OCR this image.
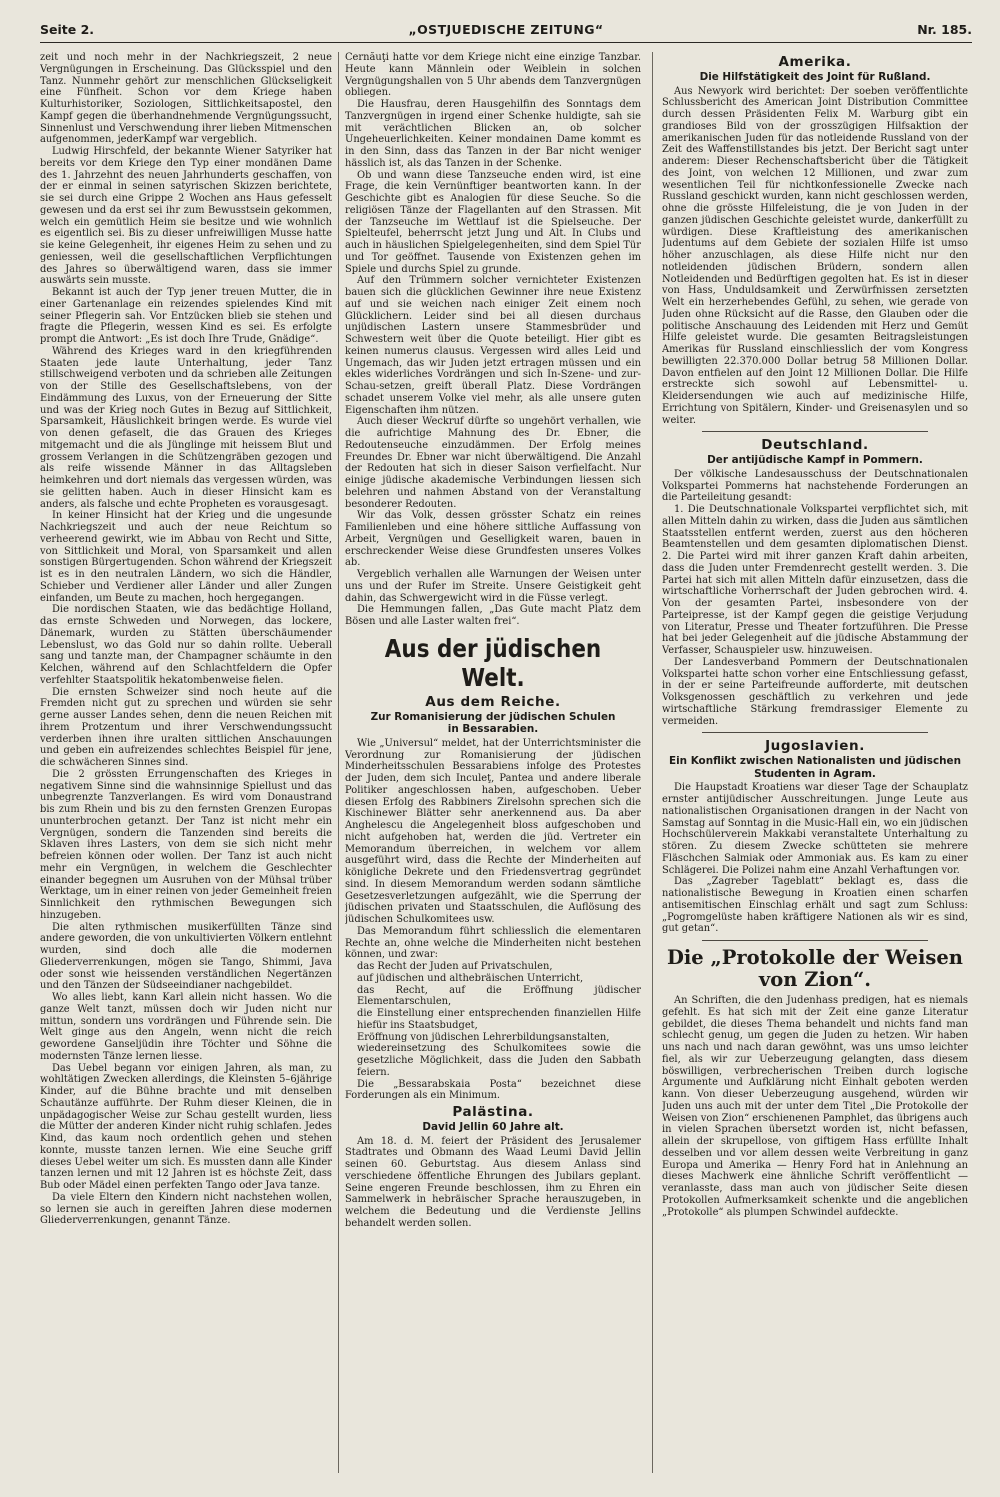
Seite 2.	„OSTJUEDISCHE ZEITUNG“	Nr. 185.

zeit und noch mehr in der Nachkriegszeit, 2 neue Vergnügungen in Erscheinung. Das Glücksspiel und den Tanz. Nunmehr gehört zur menschlichen Glückseligkeit eine Fünfheit. Schon vor dem Kriege haben Kulturhistoriker, Soziologen, Sittlichkeitsapostel, den Kampf gegen die überhandnehmende Vergnügungssucht, Sinnenlust und Verschwendung ihrer lieben Mitmenschen aufgenommen, jederKampf war vergeblich.

Ludwig Hirschfeld, der bekannte Wiener Satyriker hat bereits vor dem Kriege den Typ einer mondänen Dame des 1. Jahrzehnt des neuen Jahrhunderts geschaffen, von der er einmal in seinen satyrischen Skizzen berichtete, sie sei durch eine Grippe 2 Wochen ans Haus gefesselt gewesen und da erst sei ihr zum Bewusstsein gekommen, welch ein gemütlich Heim sie besitze und wie wohnlich es eigentlich sei. Bis zu dieser unfreiwilligen Musse hatte sie keine Gelegenheit, ihr eigenes Heim zu sehen und zu geniessen, weil die gesellschaftlichen Verpflichtungen des Jahres so überwältigend waren, dass sie immer auswärts sein musste.

Bekannt ist auch der Typ jener treuen Mutter, die in einer Gartenanlage ein reizendes spielendes Kind mit seiner Pflegerin sah. Vor Entzücken blieb sie stehen und fragte die Pflegerin, wessen Kind es sei. Es erfolgte prompt die Antwort: „Es ist doch Ihre Trude, Gnädige“.

Während des Krieges ward in den kriegführenden Staaten jede laute Unterhaltung, jeder Tanz stillschweigend verboten und da schrieben alle Zeitungen von der Stille des Gesellschaftslebens, von der Eindämmung des Luxus, von der Erneuerung der Sitte und was der Krieg noch Gutes in Bezug auf Sittlichkeit, Sparsamkeit, Häuslichkeit bringen werde. Es wurde viel von denen gefaselt, die das Grauen des Krieges mitgemacht und die als Jünglinge mit heissem Blut und grossem Verlangen in die Schützengräben gezogen und als reife wissende Männer in das Alltagsleben heimkehren und dort niemals das vergessen würden, was sie gelitten haben. Auch in dieser Hinsicht kam es anders, als falsche und echte Propheten es vorausgesagt.

In keiner Hinsicht hat der Krieg und die ungesunde Nachkriegszeit und auch der neue Reichtum so verheerend gewirkt, wie im Abbau von Recht und Sitte, von Sittlichkeit und Moral, von Sparsamkeit und allen sonstigen Bürgertugenden. Schon während der Kriegszeit ist es in den neutralen Ländern, wo sich die Händler, Schieber und Verdiener aller Länder und aller Zungen einfanden, um Beute zu machen, hoch hergegangen.

Die nordischen Staaten, wie das bedächtige Holland, das ernste Schweden und Norwegen, das lockere, Dänemark, wurden zu Stätten überschäumender Lebenslust, wo das Gold nur so dahin rollte. Ueberall sang und tanzte man, der Champagner schäumte in den Kelchen, während auf den Schlachtfeldern die Opfer verfehlter Staatspolitik hekatombenweise fielen.

Die ernsten Schweizer sind noch heute auf die Fremden nicht gut zu sprechen und würden sie sehr gerne ausser Landes sehen, denn die neuen Reichen mit ihrem Protzentum und ihrer Verschwendungssucht verderben ihnen ihre uralten sittlichen Anschauungen und geben ein aufreizendes schlechtes Beispiel für jene, die schwächeren Sinnes sind.

Die 2 grössten Errungenschaften des Krieges in negativem Sinne sind die wahnsinnige Spiellust und das unbegrenzte Tanzverlangen. Es wird vom Donaustrand bis zum Rhein und bis zu den fernsten Grenzen Europas ununterbrochen getanzt. Der Tanz ist nicht mehr ein Vergnügen, sondern die Tanzenden sind bereits die Sklaven ihres Lasters, von dem sie sich nicht mehr befreien können oder wollen. Der Tanz ist auch nicht mehr ein Vergnügen, in welchem die Geschlechter einander begegnen um Ausruhen von der Mühsal trüber Werktage, um in einer reinen von jeder Gemeinheit freien Sinnlichkeit den rythmischen Bewegungen sich hinzugeben.

Die alten rythmischen musikerfüllten Tänze sind andere geworden, die von unkultivierten Völkern entlehnt wurden, sind doch alle die modernen Gliederverrenkungen, mögen sie Tango, Shimmi, Java oder sonst wie heissenden verständlichen Negertänzen und den Tänzen der Südseeindianer nachgebildet.

Wo alles liebt, kann Karl allein nicht hassen. Wo die ganze Welt tanzt, müssen doch wir Juden nicht nur mittun, sondern uns vordrängen und Führende sein. Die Welt ginge aus den Angeln, wenn nicht die reich gewordene Ganseljüdin ihre Töchter und Söhne die modernsten Tänze lernen liesse.

Das Uebel begann vor einigen Jahren, als man, zu wohltätigen Zwecken allerdings, die Kleinsten 5–6jährige Kinder, auf die Bühne brachte und mit denselben Schautänze aufführte. Der Ruhm dieser Kleinen, die in unpädagogischer Weise zur Schau gestellt wurden, liess die Mütter der anderen Kinder nicht ruhig schlafen. Jedes Kind, das kaum noch ordentlich gehen und stehen konnte, musste tanzen lernen. Wie eine Seuche griff dieses Uebel weiter um sich. Es mussten dann alle Kinder tanzen lernen und mit 12 Jahren ist es höchste Zeit, dass Bub oder Mädel einen perfekten Tango oder Java tanze.

Da viele Eltern den Kindern nicht nachstehen wollen, so lernen sie auch in gereiften Jahren diese modernen Gliederverrenkungen, genannt Tänze.

Cernăuţi hatte vor dem Kriege nicht eine einzige Tanzbar. Heute kann Männlein oder Weiblein in solchen Vergnügungshallen von 5 Uhr abends dem Tanzvergnügen obliegen.

Die Hausfrau, deren Hausgehilfin des Sonntags dem Tanzvergnügen in irgend einer Schenke huldigte, sah sie mit verächtlichen Blicken an, ob solcher Ungeheuerlichkeiten. Keiner mondainen Dame kommt es in den Sinn, dass das Tanzen in der Bar nicht weniger hässlich ist, als das Tanzen in der Schenke.

Ob und wann diese Tanzseuche enden wird, ist eine Frage, die kein Vernünftiger beantworten kann. In der Geschichte gibt es Analogien für diese Seuche. So die religiösen Tänze der Flagellanten auf den Strassen. Mit der Tanzseuche im Wettlauf ist die Spielseuche. Der Spielteufel, beherrscht jetzt Jung und Alt. In Clubs und auch in häuslichen Spielgelegenheiten, sind dem Spiel Tür und Tor geöffnet. Tausende von Existenzen gehen im Spiele und durchs Spiel zu grunde.

Auf den Trümmern solcher vernichteter Existenzen bauen sich die glücklichen Gewinner ihre neue Existenz auf und sie weichen nach einiger Zeit einem noch Glücklichern. Leider sind bei all diesen durchaus unjüdischen Lastern unsere Stammesbrüder und Schwestern weit über die Quote beteiligt. Hier gibt es keinen numerus clausus. Vergessen wird alles Leid und Ungemach, das wir Juden jetzt ertragen müssen und ein ekles widerliches Vordrängen und sich In-Szene- und zur-Schau-setzen, greift überall Platz. Diese Vordrängen schadet unserem Volke viel mehr, als alle unsere guten Eigenschaften ihm nützen.

Auch dieser Weckruf dürfte so ungehört verhallen, wie die aufrichtige Mahnung des Dr. Ebner, die Redoutenseuche einzudämmen. Der Erfolg meines Freundes Dr. Ebner war nicht überwältigend. Die Anzahl der Redouten hat sich in dieser Saison verfielfacht. Nur einige jüdische akademische Verbindungen liessen sich belehren und nahmen Abstand von der Veranstaltung besonderer Redouten.

Wir das Volk, dessen grösster Schatz ein reines Familienleben und eine höhere sittliche Auffassung von Arbeit, Vergnügen und Geselligkeit waren, bauen in erschreckender Weise diese Grundfesten unseres Volkes ab.

Vergeblich verhallen alle Warnungen der Weisen unter uns und der Rufer im Streite. Unsere Geistigkeit geht dahin, das Schwergewicht wird in die Füsse verlegt.

Die Hemmungen fallen, „Das Gute macht Platz dem Bösen und alle Laster walten frei“.

Aus der jüdischen Welt.
Aus dem Reiche.
Zur Romanisierung der jüdischen Schulen
in Bessarabien.

Wie „Universul“ meldet, hat der Unterrichtsminister die Verordnung zur Romanisierung der jüdischen Minderheitsschulen Bessarabiens infolge des Protestes der Juden, dem sich Inculeţ, Pantea und andere liberale Politiker angeschlossen haben, aufgeschoben. Ueber diesen Erfolg des Rabbiners Zirelsohn sprechen sich die Kischinewer Blätter sehr anerkennend aus. Da aber Anghelescu die Angelegenheit bloss aufgeschoben und nicht aufgehoben hat, werden die jüd. Vertreter ein Memorandum überreichen, in welchem vor allem ausgeführt wird, dass die Rechte der Minderheiten auf königliche Dekrete und den Friedensvertrag gegründet sind. In diesem Memorandum werden sodann sämtliche Gesetzesverletzungen aufgezählt, wie die Sperrung der jüdischen privaten und Staatsschulen, die Auflösung des jüdischen Schulkomitees usw.

Das Memorandum führt schliesslich die elementaren Rechte an, ohne welche die Minderheiten nicht bestehen können, und zwar:

das Recht der Juden auf Privatschulen,

auf jüdischen und althebräischen Unterricht,

das Recht, auf die Eröffnung jüdischer Elementarschulen,

die Einstellung einer entsprechenden finanziellen Hilfe hiefür ins Staatsbudget,

Eröffnung von jüdischen Lehrerbildungsanstalten,

wiedereinsetzung des Schulkomitees sowie die gesetzliche Möglichkeit, dass die Juden den Sabbath feiern.

Die „Bessarabskaia Posta“ bezeichnet diese Forderungen als ein Minimum.

Palästina.
David Jellin 60 Jahre alt.

Am 18. d. M. feiert der Präsident des Jerusalemer Stadtrates und Obmann des Waad Leumi David Jellin seinen 60. Geburtstag. Aus diesem Anlass sind verschiedene öffentliche Ehrungen des Jubilars geplant. Seine engeren Freunde beschlossen, ihm zu Ehren ein Sammelwerk in hebräischer Sprache herauszugeben, in welchem die Bedeutung und die Verdienste Jellins behandelt werden sollen.

Amerika.
Die Hilfstätigkeit des Joint für Rußland.

Aus Newyork wird berichtet: Der soeben veröffentlichte Schlussbericht des American Joint Distribution Committee durch dessen Präsidenten Felix M. Warburg gibt ein grandioses Bild von der grosszügigen Hilfsaktion der amerikanischen Juden für das notleidende Russland von der Zeit des Waffenstillstandes bis jetzt. Der Bericht sagt unter anderem: Dieser Rechenschaftsbericht über die Tätigkeit des Joint, von welchen 12 Millionen, und zwar zum wesentlichen Teil für nichtkonfessionelle Zwecke nach Russland geschickt wurden, kann nicht geschlossen werden, ohne die grösste Hilfeleistung, die je von Juden in der ganzen jüdischen Geschichte geleistet wurde, dankerfüllt zu würdigen. Diese Kraftleistung des amerikanischen Judentums auf dem Gebiete der sozialen Hilfe ist umso höher anzuschlagen, als diese Hilfe nicht nur den notleidenden jüdischen Brüdern, sondern allen Notleidenden und Bedürftigen gegolten hat. Es ist in dieser von Hass, Unduldsamkeit und Zerwürfnissen zersetzten Welt ein herzerhebendes Gefühl, zu sehen, wie gerade von Juden ohne Rücksicht auf die Rasse, den Glauben oder die politische Anschauung des Leidenden mit Herz und Gemüt Hilfe geleistet wurde. Die gesamten Beitragsleistungen Amerikas für Russland einschliesslich der vom Kongress bewilligten 22.370.000 Dollar betrug 58 Millionen Dollar. Davon entfielen auf den Joint 12 Millionen Dollar. Die Hilfe erstreckte sich sowohl auf Lebensmittel- u. Kleidersendungen wie auch auf medizinische Hilfe, Errichtung von Spitälern, Kinder- und Greisenasylen und so weiter.

Deutschland.
Der antijüdische Kampf in Pommern.

Der völkische Landesausschuss der Deutschnationalen Volkspartei Pommerns hat nachstehende Forderungen an die Parteileitung gesandt:

1. Die Deutschnationale Volkspartei verpflichtet sich, mit allen Mitteln dahin zu wirken, dass die Juden aus sämtlichen Staatsstellen entfernt werden, zuerst aus den höcheren Beamtenstellen und dem gesamten diplomatischen Dienst. 2. Die Partei wird mit ihrer ganzen Kraft dahin arbeiten, dass die Juden unter Fremdenrecht gestellt werden. 3. Die Partei hat sich mit allen Mitteln dafür einzusetzen, dass die wirtschaftliche Vorherrschaft der Juden gebrochen wird. 4. Von der gesamten Partei, insbesondere von der Parteipresse, ist der Kampf gegen die geistige Verjudung von Literatur, Presse und Theater fortzuführen. Die Presse hat bei jeder Gelegenheit auf die jüdische Abstammung der Verfasser, Schauspieler usw. hinzuweisen.

Der Landesverband Pommern der Deutschnationalen Volkspartei hatte schon vorher eine Entschliessung gefasst, in der er seine Parteifreunde aufforderte, mit deutschen Volksgenossen geschäftlich zu verkehren und jede wirtschaftliche Stärkung fremdrassiger Elemente zu vermeiden.

Jugoslavien.
Ein Konflikt zwischen Nationalisten und jüdischen
Studenten in Agram.

Die Haupstadt Kroatiens war dieser Tage der Schauplatz ernster antijüdischer Ausschreitungen. Junge Leute aus nationalistischen Organisationen drangen in der Nacht von Samstag auf Sonntag in die Music-Hall ein, wo ein jüdischen Hochschülerverein Makkabi veranstaltete Unterhaltung zu stören. Zu diesem Zwecke schütteten sie mehrere Fläschchen Salmiak oder Ammoniak aus. Es kam zu einer Schlägerei. Die Polizei nahm eine Anzahl Verhaftungen vor.

Das „Zagreber Tageblatt“ beklagt es, dass die nationalistische Bewegung in Kroatien einen scharfen antisemitischen Einschlag erhält und sagt zum Schluss: „Pogromgelüste haben kräftigere Nationen als wir es sind, gut getan“.

Die „Protokolle der Weisen von Zion“.

An Schriften, die den Judenhass predigen, hat es niemals gefehlt. Es hat sich mit der Zeit eine ganze Literatur gebildet, die dieses Thema behandelt und nichts fand man schlecht genug, um gegen die Juden zu hetzen. Wir haben uns nach und nach daran gewöhnt, was uns umso leichter fiel, als wir zur Ueberzeugung gelangten, dass diesem böswilligen, verbrecherischen Treiben durch logische Argumente und Aufklärung nicht Einhalt geboten werden kann. Von dieser Ueberzeugung ausgehend, würden wir Juden uns auch mit der unter dem Titel „Die Protokolle der Weisen von Zion“ erschienenen Pamphlet, das übrigens auch in vielen Sprachen übersetzt worden ist, nicht befassen, allein der skrupellose, von giftigem Hass erfüllte Inhalt desselben und vor allem dessen weite Verbreitung in ganz Europa und Amerika — Henry Ford hat in Anlehnung an dieses Machwerk eine ähnliche Schrift veröffentlicht — veranlasste, dass man auch von jüdischer Seite diesen Protokollen Aufmerksamkeit schenkte und die angeblichen „Protokolle“ als plumpen Schwindel aufdeckte.
